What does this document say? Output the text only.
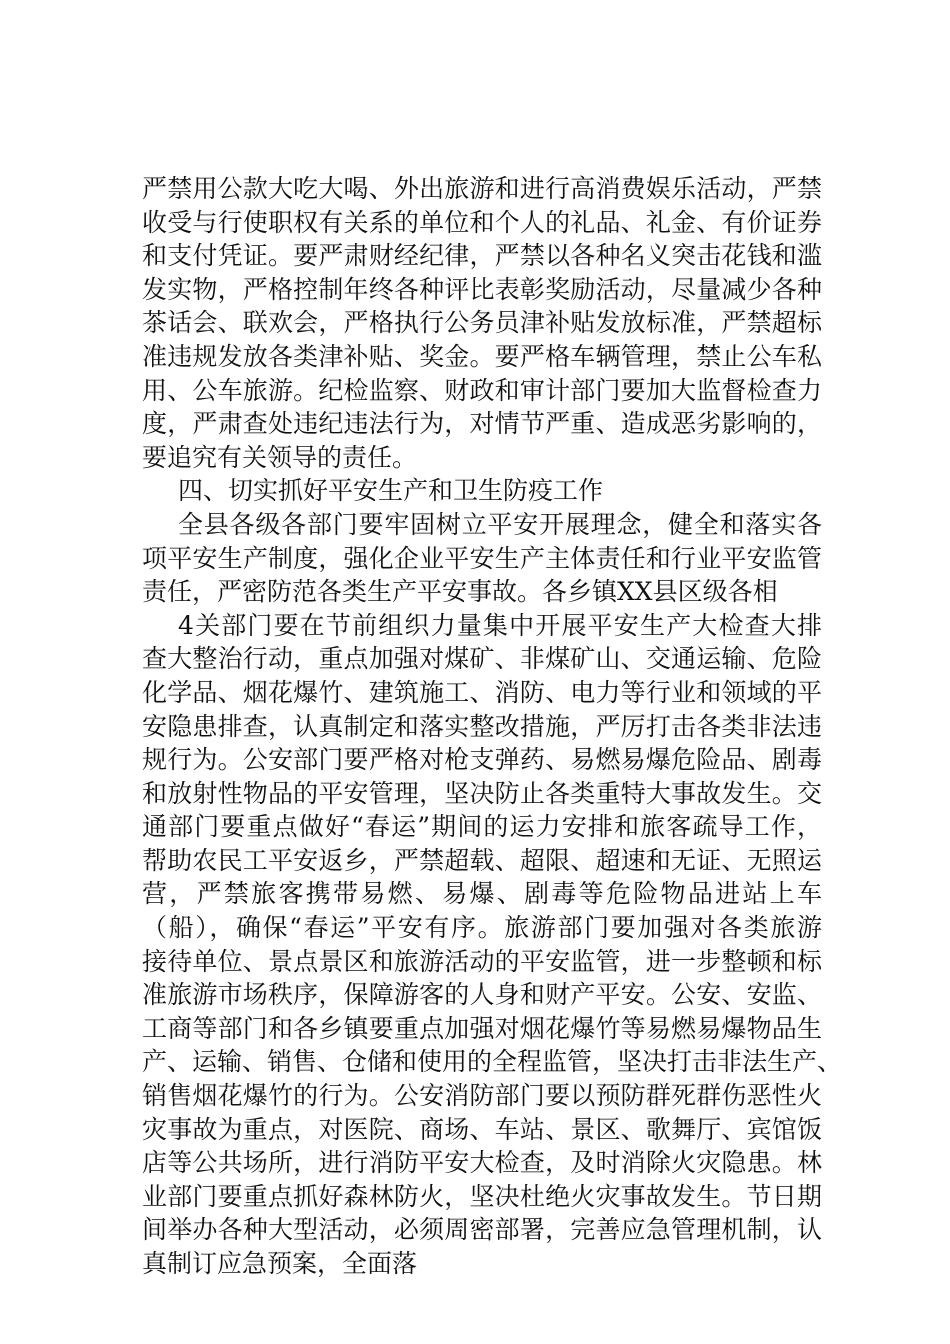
严禁用公款大吃大喝、外出旅游和进行高消费娱乐活动，严禁
收受与行使职权有关系的单位和个人的礼品、礼金、有价证券
和支付凭证。要严肃财经纪律，严禁以各种名义突击花钱和滥
发实物，严格控制年终各种评比表彰奖励活动，尽量减少各种
茶话会、联欢会，严格执行公务员津补贴发放标准，严禁超标
准违规发放各类津补贴、奖金。要严格车辆管理，禁止公车私
用、公车旅游。纪检监察、财政和审计部门要加大监督检查力
度，严肃查处违纪违法行为，对情节严重、造成恶劣影响的，
要追究有关领导的责任。
四、切实抓好平安生产和卫生防疫工作
全县各级各部门要牢固树立平安开展理念，健全和落实各
项平安生产制度，强化企业平安生产主体责任和行业平安监管
责任，严密防范各类生产平安事故。各乡镇XX县区级各相
4关部门要在节前组织力量集中开展平安生产大检查大排
查大整治行动，重点加强对煤矿、非煤矿山、交通运输、危险
化学品、烟花爆竹、建筑施工、消防、电力等行业和领域的平
安隐患排查，认真制定和落实整改措施，严厉打击各类非法违
规行为。公安部门要严格对枪支弹药、易燃易爆危险品、剧毒
和放射性物品的平安管理，坚决防止各类重特大事故发生。交
通部门要重点做好“春运”期间的运力安排和旅客疏导工作，
帮助农民工平安返乡，严禁超载、超限、超速和无证、无照运
营，严禁旅客携带易燃、易爆、剧毒等危险物品进站上车
（船），确保“春运”平安有序。旅游部门要加强对各类旅游
接待单位、景点景区和旅游活动的平安监管，进一步整顿和标
准旅游市场秩序，保障游客的人身和财产平安。公安、安监、
工商等部门和各乡镇要重点加强对烟花爆竹等易燃易爆物品生
产、运输、销售、仓储和使用的全程监管，坚决打击非法生产、
销售烟花爆竹的行为。公安消防部门要以预防群死群伤恶性火
灾事故为重点，对医院、商场、车站、景区、歌舞厅、宾馆饭
店等公共场所，进行消防平安大检查，及时消除火灾隐患。林
业部门要重点抓好森林防火，坚决杜绝火灾事故发生。节日期
间举办各种大型活动，必须周密部署，完善应急管理机制，认
真制订应急预案，全面落
